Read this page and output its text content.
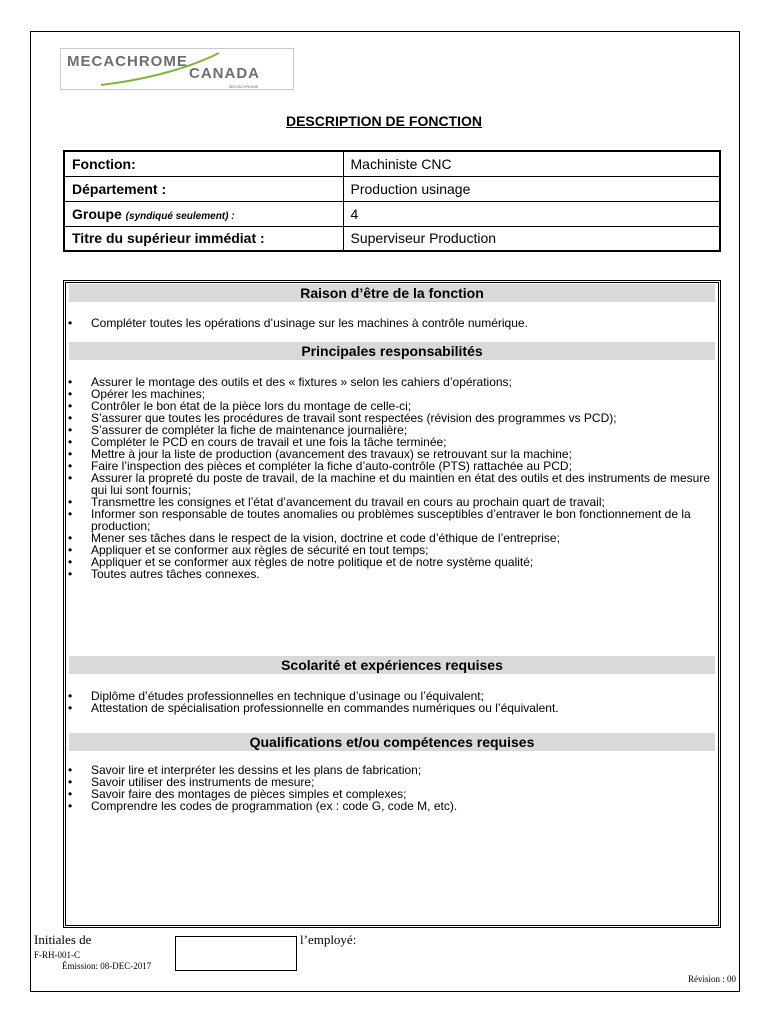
MECACHROME
CANADA
MECACHROME
DESCRIPTION DE FONCTION
Fonction:	Machiniste CNC
Département :	Production usinage
Groupe (syndiqué seulement) :	4
Titre du supérieur immédiat :	Superviseur Production
Raison d’être de la fonction
• Compléter toutes les opérations d’usinage sur les machines à contrôle numérique.
Principales responsabilités
• Assurer le montage des outils et des « fixtures » selon les cahiers d’opérations;
• Opérer les machines;
• Contrôler le bon état de la pièce lors du montage de celle-ci;
• S’assurer que toutes les procédures de travail sont respectées (révision des programmes vs PCD);
• S’assurer de compléter la fiche de maintenance journalière;
• Compléter le PCD en cours de travail et une fois la tâche terminée;
• Mettre à jour la liste de production (avancement des travaux) se retrouvant sur la machine;
• Faire l’inspection des pièces et compléter la fiche d’auto-contrôle (PTS) rattachée au PCD;
• Assurer la propreté du poste de travail, de la machine et du maintien en état des outils et des instruments de mesure qui lui sont fournis;
• Transmettre les consignes et l’état d’avancement du travail en cours au prochain quart de travail;
• Informer son responsable de toutes anomalies ou problèmes susceptibles d’entraver le bon fonctionnement de la production;
• Mener ses tâches dans le respect de la vision, doctrine et code d’éthique de l’entreprise;
• Appliquer et se conformer aux règles de sécurité en tout temps;
• Appliquer et se conformer aux règles de notre politique et de notre système qualité;
• Toutes autres tâches connexes.
Scolarité et expériences requises
• Diplôme d’études professionnelles en technique d’usinage ou l’équivalent;
• Attestation de spécialisation professionnelle en commandes numériques ou l’équivalent.
Qualifications et/ou compétences requises
• Savoir lire et interpréter les dessins et les plans de fabrication;
• Savoir utiliser des instruments de mesure;
• Savoir faire des montages de pièces simples et complexes;
• Comprendre les codes de programmation (ex : code G, code M, etc).
Initiales de	l’employé:
F-RH-001-C
Émission: 08-DEC-2017
Révision : 00
